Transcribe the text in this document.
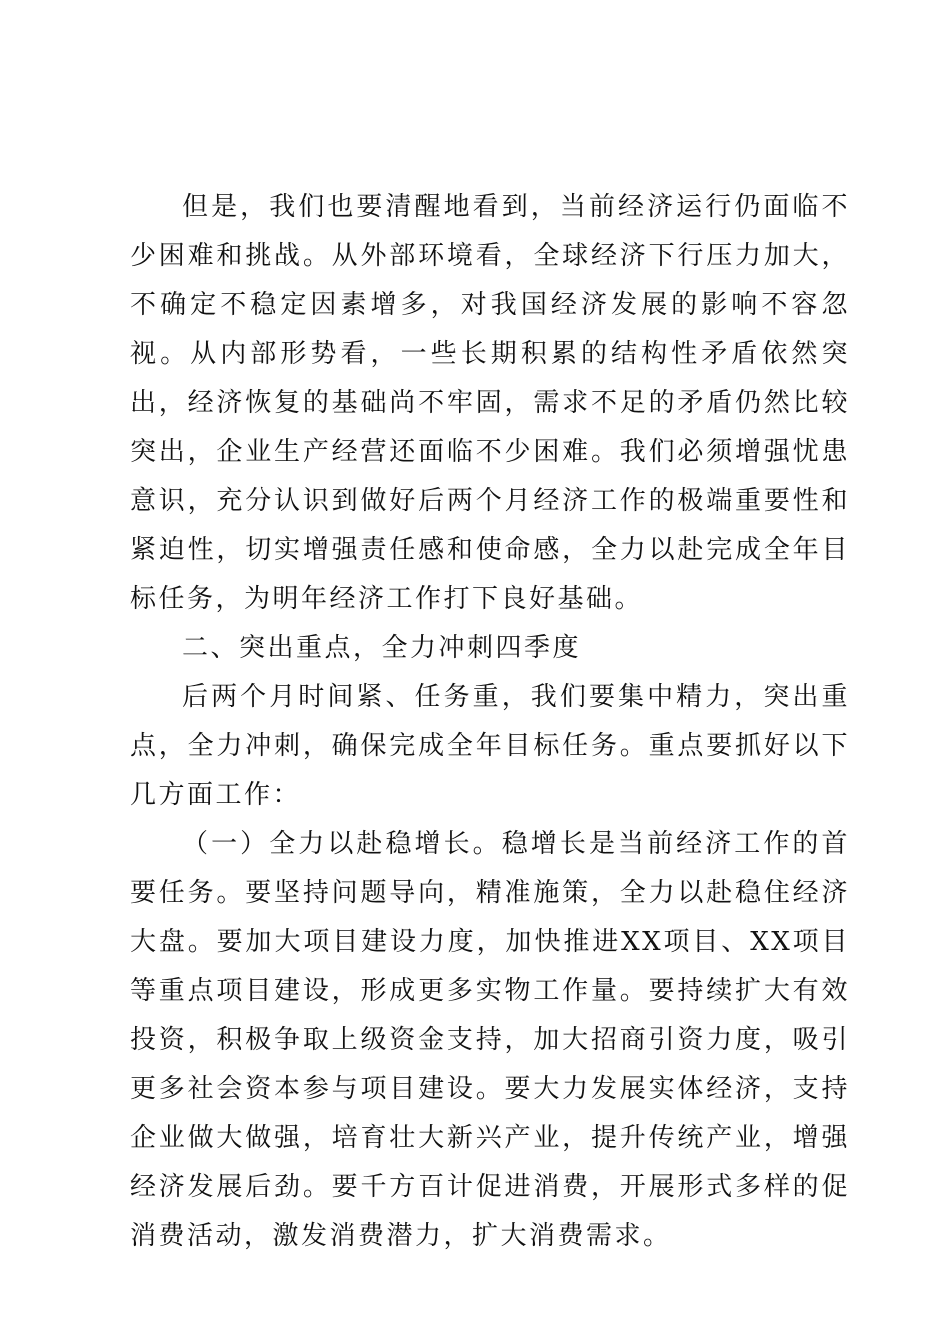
但是，我们也要清醒地看到，当前经济运行仍面临不少困难和挑战。从外部环境看，全球经济下行压力加大，不确定不稳定因素增多，对我国经济发展的影响不容忽视。从内部形势看，一些长期积累的结构性矛盾依然突出，经济恢复的基础尚不牢固，需求不足的矛盾仍然比较突出，企业生产经营还面临不少困难。我们必须增强忧患意识，充分认识到做好后两个月经济工作的极端重要性和紧迫性，切实增强责任感和使命感，全力以赴完成全年目标任务，为明年经济工作打下良好基础。

二、突出重点，全力冲刺四季度

后两个月时间紧、任务重，我们要集中精力，突出重点，全力冲刺，确保完成全年目标任务。重点要抓好以下几方面工作：

（一）全力以赴稳增长。稳增长是当前经济工作的首要任务。要坚持问题导向，精准施策，全力以赴稳住经济大盘。要加大项目建设力度，加快推进XX项目、XX项目等重点项目建设，形成更多实物工作量。要持续扩大有效投资，积极争取上级资金支持，加大招商引资力度，吸引更多社会资本参与项目建设。要大力发展实体经济，支持企业做大做强，培育壮大新兴产业，提升传统产业，增强经济发展后劲。要千方百计促进消费，开展形式多样的促消费活动，激发消费潜力，扩大消费需求。
